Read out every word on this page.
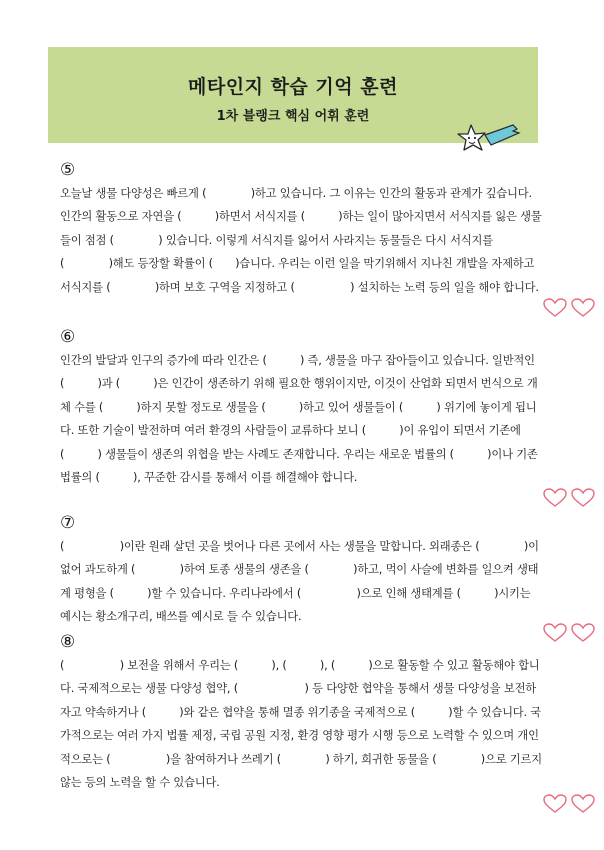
메타인지 학습 기억 훈련
1차 블랭크 핵심 어휘 훈련
⑤

오늘날 생물 다양성은 빠르게 (　　　　)하고 있습니다. 그 이유는 인간의 활동과 관계가 깊습니다. 인간의 활동으로 자연을 (　　　)하면서 서식지를 (　　　)하는 일이 많아지면서 서식지를 잃은 생물들이 점점 (　　　　) 있습니다. 이렇게 서식지를 잃어서 사라지는 동물들은 다시 서식지를 (　　　　)해도 등장할 확률이 (　　)습니다. 우리는 이런 일을 막기위해서 지나친 개발을 자제하고 서식지를 (　　　　)하며 보호 구역을 지정하고 (　　　　　) 설치하는 노력 등의 일을 해야 합니다.

⑥

인간의 발달과 인구의 증가에 따라 인간은 (　　　) 즉, 생물을 마구 잡아들이고 있습니다. 일반적인 (　　　)과 (　　　)은 인간이 생존하기 위해 필요한 행위이지만, 이것이 산업화 되면서 번식으로 개체 수를 (　　　)하지 못할 정도로 생물을 (　　　)하고 있어 생물들이 (　　　) 위기에 놓이게 됩니다. 또한 기술이 발전하며 여러 환경의 사람들이 교류하다 보니 (　　　)이 유입이 되면서 기존에 (　　　) 생물들이 생존의 위협을 받는 사례도 존재합니다. 우리는 새로운 법률의 (　　　)이나 기존 법률의 (　　　), 꾸준한 감시를 통해서 이를 해결해야 합니다.

⑦

(　　　　　)이란 원래 살던 곳을 벗어나 다른 곳에서 사는 생물을 말합니다. 외래종은 (　　　　)이 없어 과도하게 (　　　　)하여 토종 생물의 생존을 (　　　　)하고, 먹이 사슬에 변화를 일으켜 생태계 평형을 (　　　)할 수 있습니다. 우리나라에서 (　　　　　)으로 인해 생태계를 (　　　)시키는 예시는 황소개구리, 배쓰를 예시로 들 수 있습니다.

⑧

(　　　　　) 보전을 위해서 우리는 (　　　), (　　　), (　　　)으로 활동할 수 있고 활동해야 합니다. 국제적으로는 생물 다양성 협약, (　　　　　　) 등 다양한 협약을 통해서 생물 다양성을 보전하자고 약속하거나 (　　　)와 같은 협약을 통해 멸종 위기종을 국제적으로 (　　　)할 수 있습니다. 국가적으로는 여러 가지 법률 제정, 국립 공원 지정, 환경 영향 평가 시행 등으로 노력할 수 있으며 개인적으로는 (　　　　　)을 참여하거나 쓰레기 (　　　　) 하기, 희귀한 동물을 (　　　　)으로 기르지 않는 등의 노력을 할 수 있습니다.
